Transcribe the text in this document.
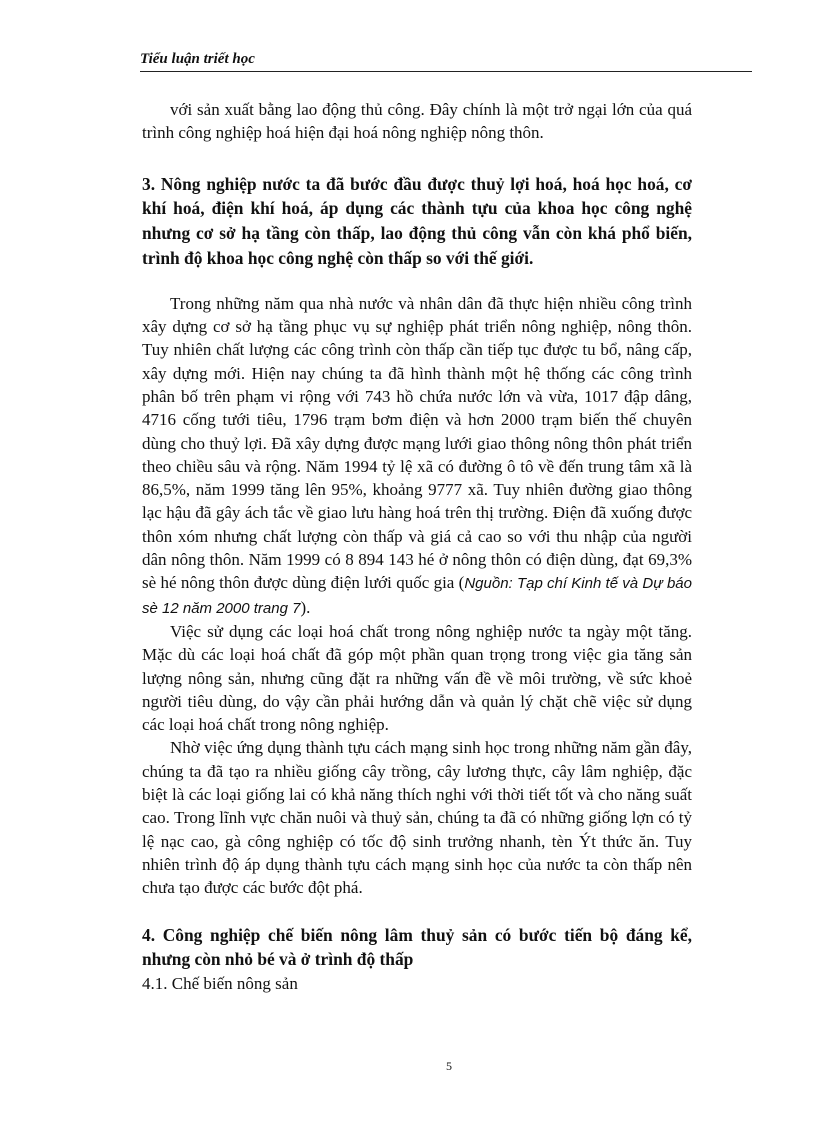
Tiểu luận triết học

với sản xuất bằng lao động thủ công. Đây chính là một trở ngại lớn của quá trình công nghiệp hoá hiện đại hoá nông nghiệp nông thôn.

3. Nông nghiệp nước ta đã bước đầu được thuỷ lợi hoá, hoá học hoá, cơ khí hoá, điện khí hoá, áp dụng các thành tựu của khoa học công nghệ nhưng cơ sở hạ tầng còn thấp, lao động thủ công vẫn còn khá phổ biến, trình độ khoa học công nghệ còn thấp so với thế giới.

Trong những năm qua nhà nước và nhân dân đã thực hiện nhiều công trình xây dựng cơ sở hạ tầng phục vụ sự nghiệp phát triển nông nghiệp, nông thôn. Tuy nhiên chất lượng các công trình còn thấp cần tiếp tục được tu bổ, nâng cấp, xây dựng mới. Hiện nay chúng ta đã hình thành một hệ thống các công trình phân bố trên phạm vi rộng với 743 hồ chứa nước lớn và vừa, 1017 đập dâng, 4716 cống tưới tiêu, 1796 trạm bơm điện và hơn 2000 trạm biến thế chuyên dùng cho thuỷ lợi. Đã xây dựng được mạng lưới giao thông nông thôn phát triển theo chiều sâu và rộng. Năm 1994 tỷ lệ xã có đường ô tô về đến trung tâm xã là 86,5%, năm 1999 tăng lên 95%, khoảng 9777 xã. Tuy nhiên đường giao thông lạc hậu đã gây ách tắc về giao lưu hàng hoá trên thị trường. Điện đã xuống được thôn xóm nhưng chất lượng còn thấp và giá cả cao so với thu nhập của người dân nông thôn. Năm 1999 có 8 894 143 hé ở nông thôn có điện dùng, đạt 69,3% sè hé nông thôn được dùng điện lưới quốc gia (Nguồn: Tạp chí Kinh tế và Dự báo sè 12 năm 2000 trang 7).

Việc sử dụng các loại hoá chất trong nông nghiệp nước ta ngày một tăng. Mặc dù các loại hoá chất đã góp một phần quan trọng trong việc gia tăng sản lượng nông sản, nhưng cũng đặt ra những vấn đề về môi trường, về sức khoẻ người tiêu dùng, do vậy cần phải hướng dẫn và quản lý chặt chẽ việc sử dụng các loại hoá chất trong nông nghiệp.

Nhờ việc ứng dụng thành tựu cách mạng sinh học trong những năm gần đây, chúng ta đã tạo ra nhiều giống cây trồng, cây lương thực, cây lâm nghiệp, đặc biệt là các loại giống lai có khả năng thích nghi với thời tiết tốt và cho năng suất cao. Trong lĩnh vực chăn nuôi và thuỷ sản, chúng ta đã có những giống lợn có tỷ lệ nạc cao, gà công nghiệp có tốc độ sinh trưởng nhanh, tèn Ýt thức ăn. Tuy nhiên trình độ áp dụng thành tựu cách mạng sinh học của nước ta còn thấp nên chưa tạo được các bước đột phá.

4. Công nghiệp chế biến nông lâm thuỷ sản có bước tiến bộ đáng kể, nhưng còn nhỏ bé và ở trình độ thấp

4.1. Chế biến nông sản

5
